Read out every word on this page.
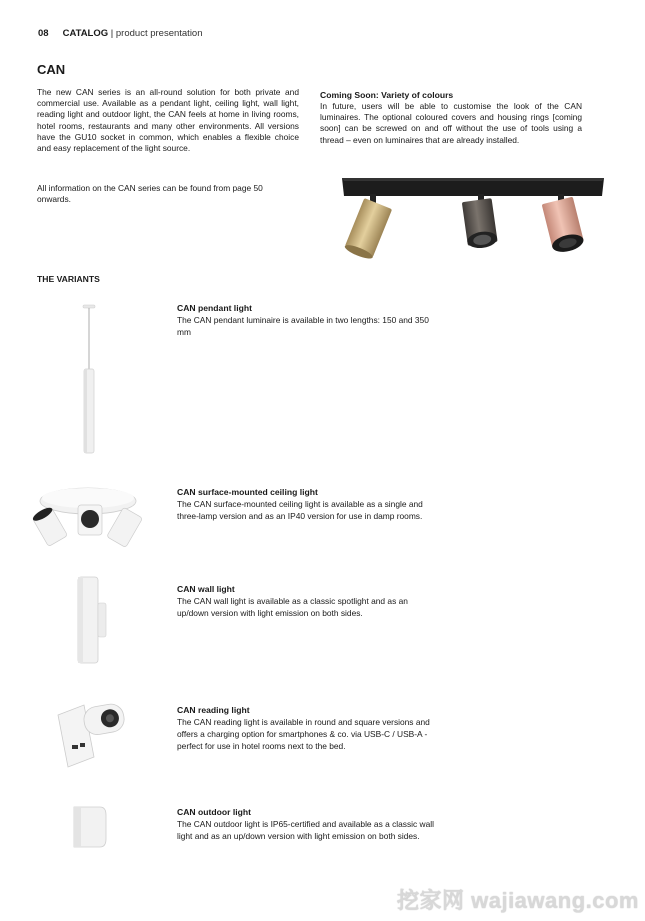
08 CATALOG | product presentation
CAN
The new CAN series is an all-round solution for both private and commercial use. Available as a pendant light, ceiling light, wall light, reading light and outdoor light, the CAN feels at home in living rooms, hotel rooms, restaurants and many other environments. All versions have the GU10 socket in common, which enables a flexible choice and easy replacement of the light source.
All information on the CAN series can be found from page 50 onwards.
Coming Soon: Variety of colours
In future, users will be able to customise the look of the CAN luminaires. The optional coloured covers and housing rings [coming soon] can be screwed on and off without the use of tools using a thread – even on luminaires that are already installed.
THE VARIANTS
CAN pendant light
The CAN pendant luminaire is available in two lengths: 150 and 350 mm
CAN surface-mounted ceiling light
The CAN surface-mounted ceiling light is available as a single and three-lamp version and as an IP40 version for use in damp rooms.
CAN wall light
The CAN wall light is available as a classic spotlight and as an up/down version with light emission on both sides.
CAN reading light
The CAN reading light is available in round and square versions and offers a charging option for smartphones & co. via USB-C / USB-A - perfect for use in hotel rooms next to the bed.
CAN outdoor light
The CAN outdoor light is IP65-certified and available as a classic wall light and as an up/down version with light emission on both sides.
挖家网 wajiawang.com
